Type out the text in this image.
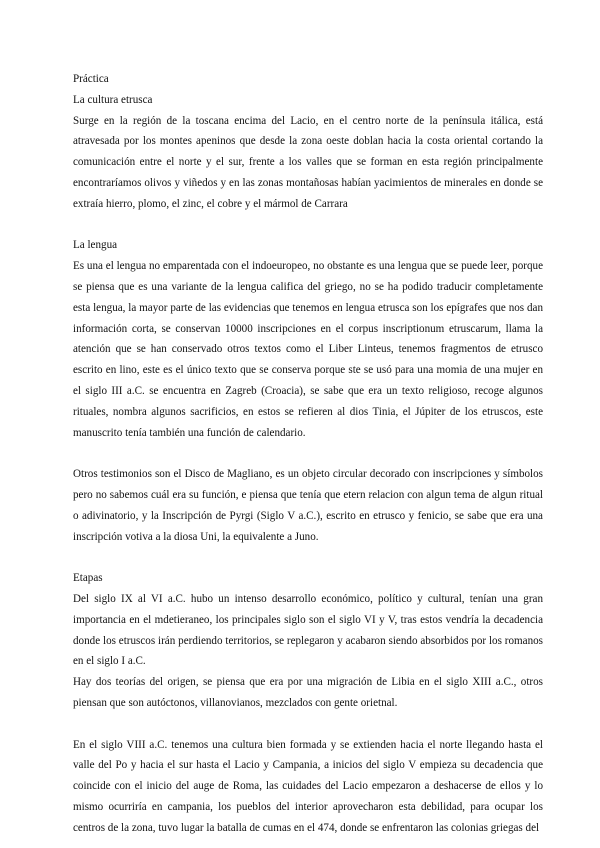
Práctica

La cultura etrusca

Surge en la región de la toscana encima del Lacio, en el centro norte de la península itálica, está atravesada por los montes apeninos que desde la zona oeste doblan hacia la costa oriental cortando la comunicación entre el norte y el sur, frente a los valles que se forman en esta región principalmente encontraríamos olivos y viñedos y en las zonas montañosas habían yacimientos de minerales en donde se extraía hierro, plomo, el zinc, el cobre y el mármol de Carrara

La lengua

Es una el lengua no emparentada con el indoeuropeo, no obstante es una lengua que se puede leer, porque se piensa que es una variante de la lengua califica del griego, no se ha podido traducir completamente esta lengua, la mayor parte de las evidencias que tenemos en lengua etrusca son los epígrafes que nos dan información corta, se conservan 10000 inscripciones en el corpus inscriptionum etruscarum, llama la atención que se han conservado otros textos como el Liber Linteus, tenemos fragmentos de etrusco escrito en lino, este es el único texto que se conserva porque ste se usó para una momia de una mujer en el siglo III a.C. se encuentra en Zagreb (Croacia), se sabe que era un texto religioso, recoge algunos rituales, nombra algunos sacrificios, en estos se refieren al dios Tinia, el Júpiter de los etruscos, este manuscrito tenía también una función de calendario.

Otros testimonios son el Disco de Magliano, es un objeto circular decorado con inscripciones y símbolos pero no sabemos cuál era su función, e piensa que tenía que etern relacion con algun tema de algun ritual o adivinatorio, y la Inscripción de Pyrgi (Siglo V a.C.), escrito en etrusco y fenicio, se sabe que era una inscripción votiva a la diosa Uni, la equivalente a Juno.

Etapas

Del siglo IX al VI a.C. hubo un intenso desarrollo económico, político y cultural, tenían una gran importancia en el mdetieraneo, los principales siglo son el siglo VI y V, tras estos vendría la decadencia donde los etruscos irán perdiendo territorios, se replegaron y acabaron siendo absorbidos por los romanos en el siglo I a.C.

Hay dos teorías del origen, se piensa que era por una migración de Libia en el siglo XIII a.C., otros piensan que son autóctonos, villanovianos, mezclados con gente orietnal.

En el siglo VIII a.C. tenemos una cultura bien formada y se extienden hacia el norte llegando hasta el valle del Po y hacia el sur hasta el Lacio y Campania, a inicios del siglo V empieza su decadencia que coincide con el inicio del auge de Roma, las cuidades del Lacio empezaron a deshacerse de ellos y lo mismo ocurriría en campania, los pueblos del interior aprovecharon esta debilidad, para ocupar los centros de la zona, tuvo lugar la batalla de cumas en el 474, donde se enfrentaron las colonias griegas del
